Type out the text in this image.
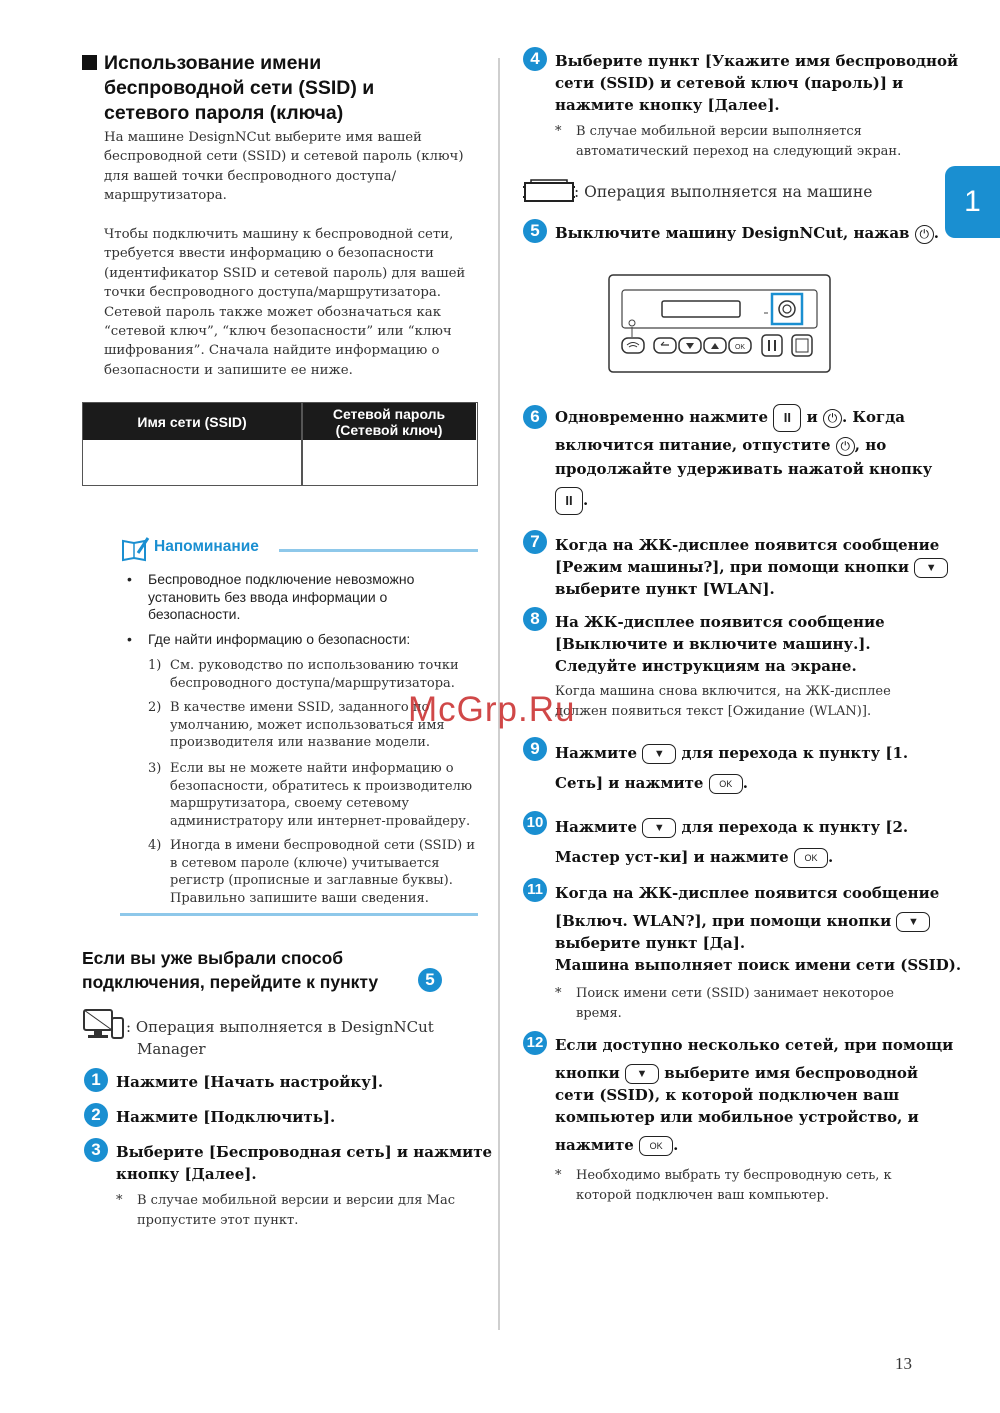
Использование имени
беспроводной сети (SSID) и
сетевого пароля (ключа)
На машине DesignNCut выберите имя вашей
беспроводной сети (SSID) и сетевой пароль (ключ)
для вашей точки беспроводного доступа/
маршрутизатора.
Чтобы подключить машину к беспроводной сети,
требуется ввести информацию о безопасности
(идентификатор SSID и сетевой пароль) для вашей
точки беспроводного доступа/маршрутизатора.
Сетевой пароль также может обозначаться как
“сетевой ключ”, “ключ безопасности” или “ключ
шифрования”. Сначала найдите информацию о
безопасности и запишите ее ниже.
Имя сети (SSID)	Сетевой пароль
(Сетевой ключ)
Напоминание
• Беспроводное подключение невозможно
установить без ввода информации о
безопасности.
• Где найти информацию о безопасности:
1) См. руководство по использованию точки
беспроводного доступа/маршрутизатора.
2) В качестве имени SSID, заданного по
умолчанию, может использоваться имя
производителя или название модели.
3) Если вы не можете найти информацию о
безопасности, обратитесь к производителю
маршрутизатора, своему сетевому
администратору или интернет-провайдеру.
4) Иногда в имени беспроводной сети (SSID) и
в сетевом пароле (ключе) учитывается
регистр (прописные и заглавные буквы).
Правильно запишите ваши сведения.
Если вы уже выбрали способ
подключения, перейдите к пункту	5
: Операция выполняется в DesignNCut
Manager
1	Нажмите [Начать настройку].
2	Нажмите [Подключить].
3	Выберите [Беспроводная сеть] и нажмите
кнопку [Далее].
* В случае мобильной версии и версии для Mac
пропустите этот пункт.
4	Выберите пункт [Укажите имя беспроводной
сети (SSID) и сетевой ключ (пароль)] и
нажмите кнопку [Далее].
* В случае мобильной версии выполняется
автоматический переход на следующий экран.
: Операция выполняется на машине
5	Выключите машину DesignNCut, нажав ⏻ .
OK
6	Одновременно нажмите II и ⏻ . Когда
включится питание, отпустите ⏻ , но
продолжайте удерживать нажатой кнопку
II .
7	Когда на ЖК-дисплее появится сообщение
[Режим машины?], при помощи кнопки ▼
выберите пункт [WLAN].
8	На ЖК-дисплее появится сообщение
[Выключите и включите машину.].
Следуйте инструкциям на экране.
Когда машина снова включится, на ЖК-дисплее
должен появиться текст [Ожидание (WLAN)].
9	Нажмите ▼ для перехода к пункту [1.
Сеть] и нажмите OK .
10 Нажмите ▼ для перехода к пункту [2.
Мастер уст-ки] и нажмите OK .
11 Когда на ЖК-дисплее появится сообщение
[Включ. WLAN?], при помощи кнопки ▼
выберите пункт [Да].
Машина выполняет поиск имени сети (SSID).
* Поиск имени сети (SSID) занимает некоторое
время.
12 Если доступно несколько сетей, при помощи
кнопки ▼ выберите имя беспроводной
сети (SSID), к которой подключен ваш
компьютер или мобильное устройство, и
нажмите OK .
* Необходимо выбрать ту беспроводную сеть, к
которой подключен ваш компьютер.
1
13
McGrp.Ru
